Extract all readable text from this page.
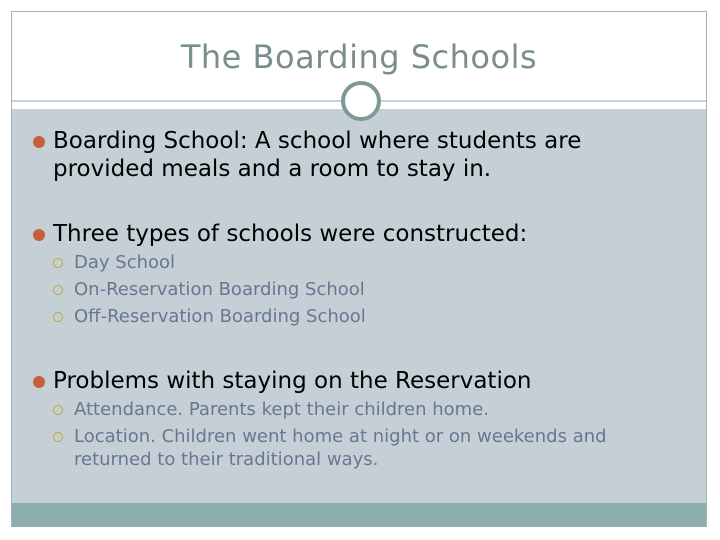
The Boarding Schools
Boarding School: A school where students are provided meals and a room to stay in.
Three types of schools were constructed:
Day School
On-Reservation Boarding School
Off-Reservation Boarding School
Problems with staying on the Reservation
Attendance. Parents kept their children home.
Location. Children went home at night or on weekends and returned to their traditional ways.
